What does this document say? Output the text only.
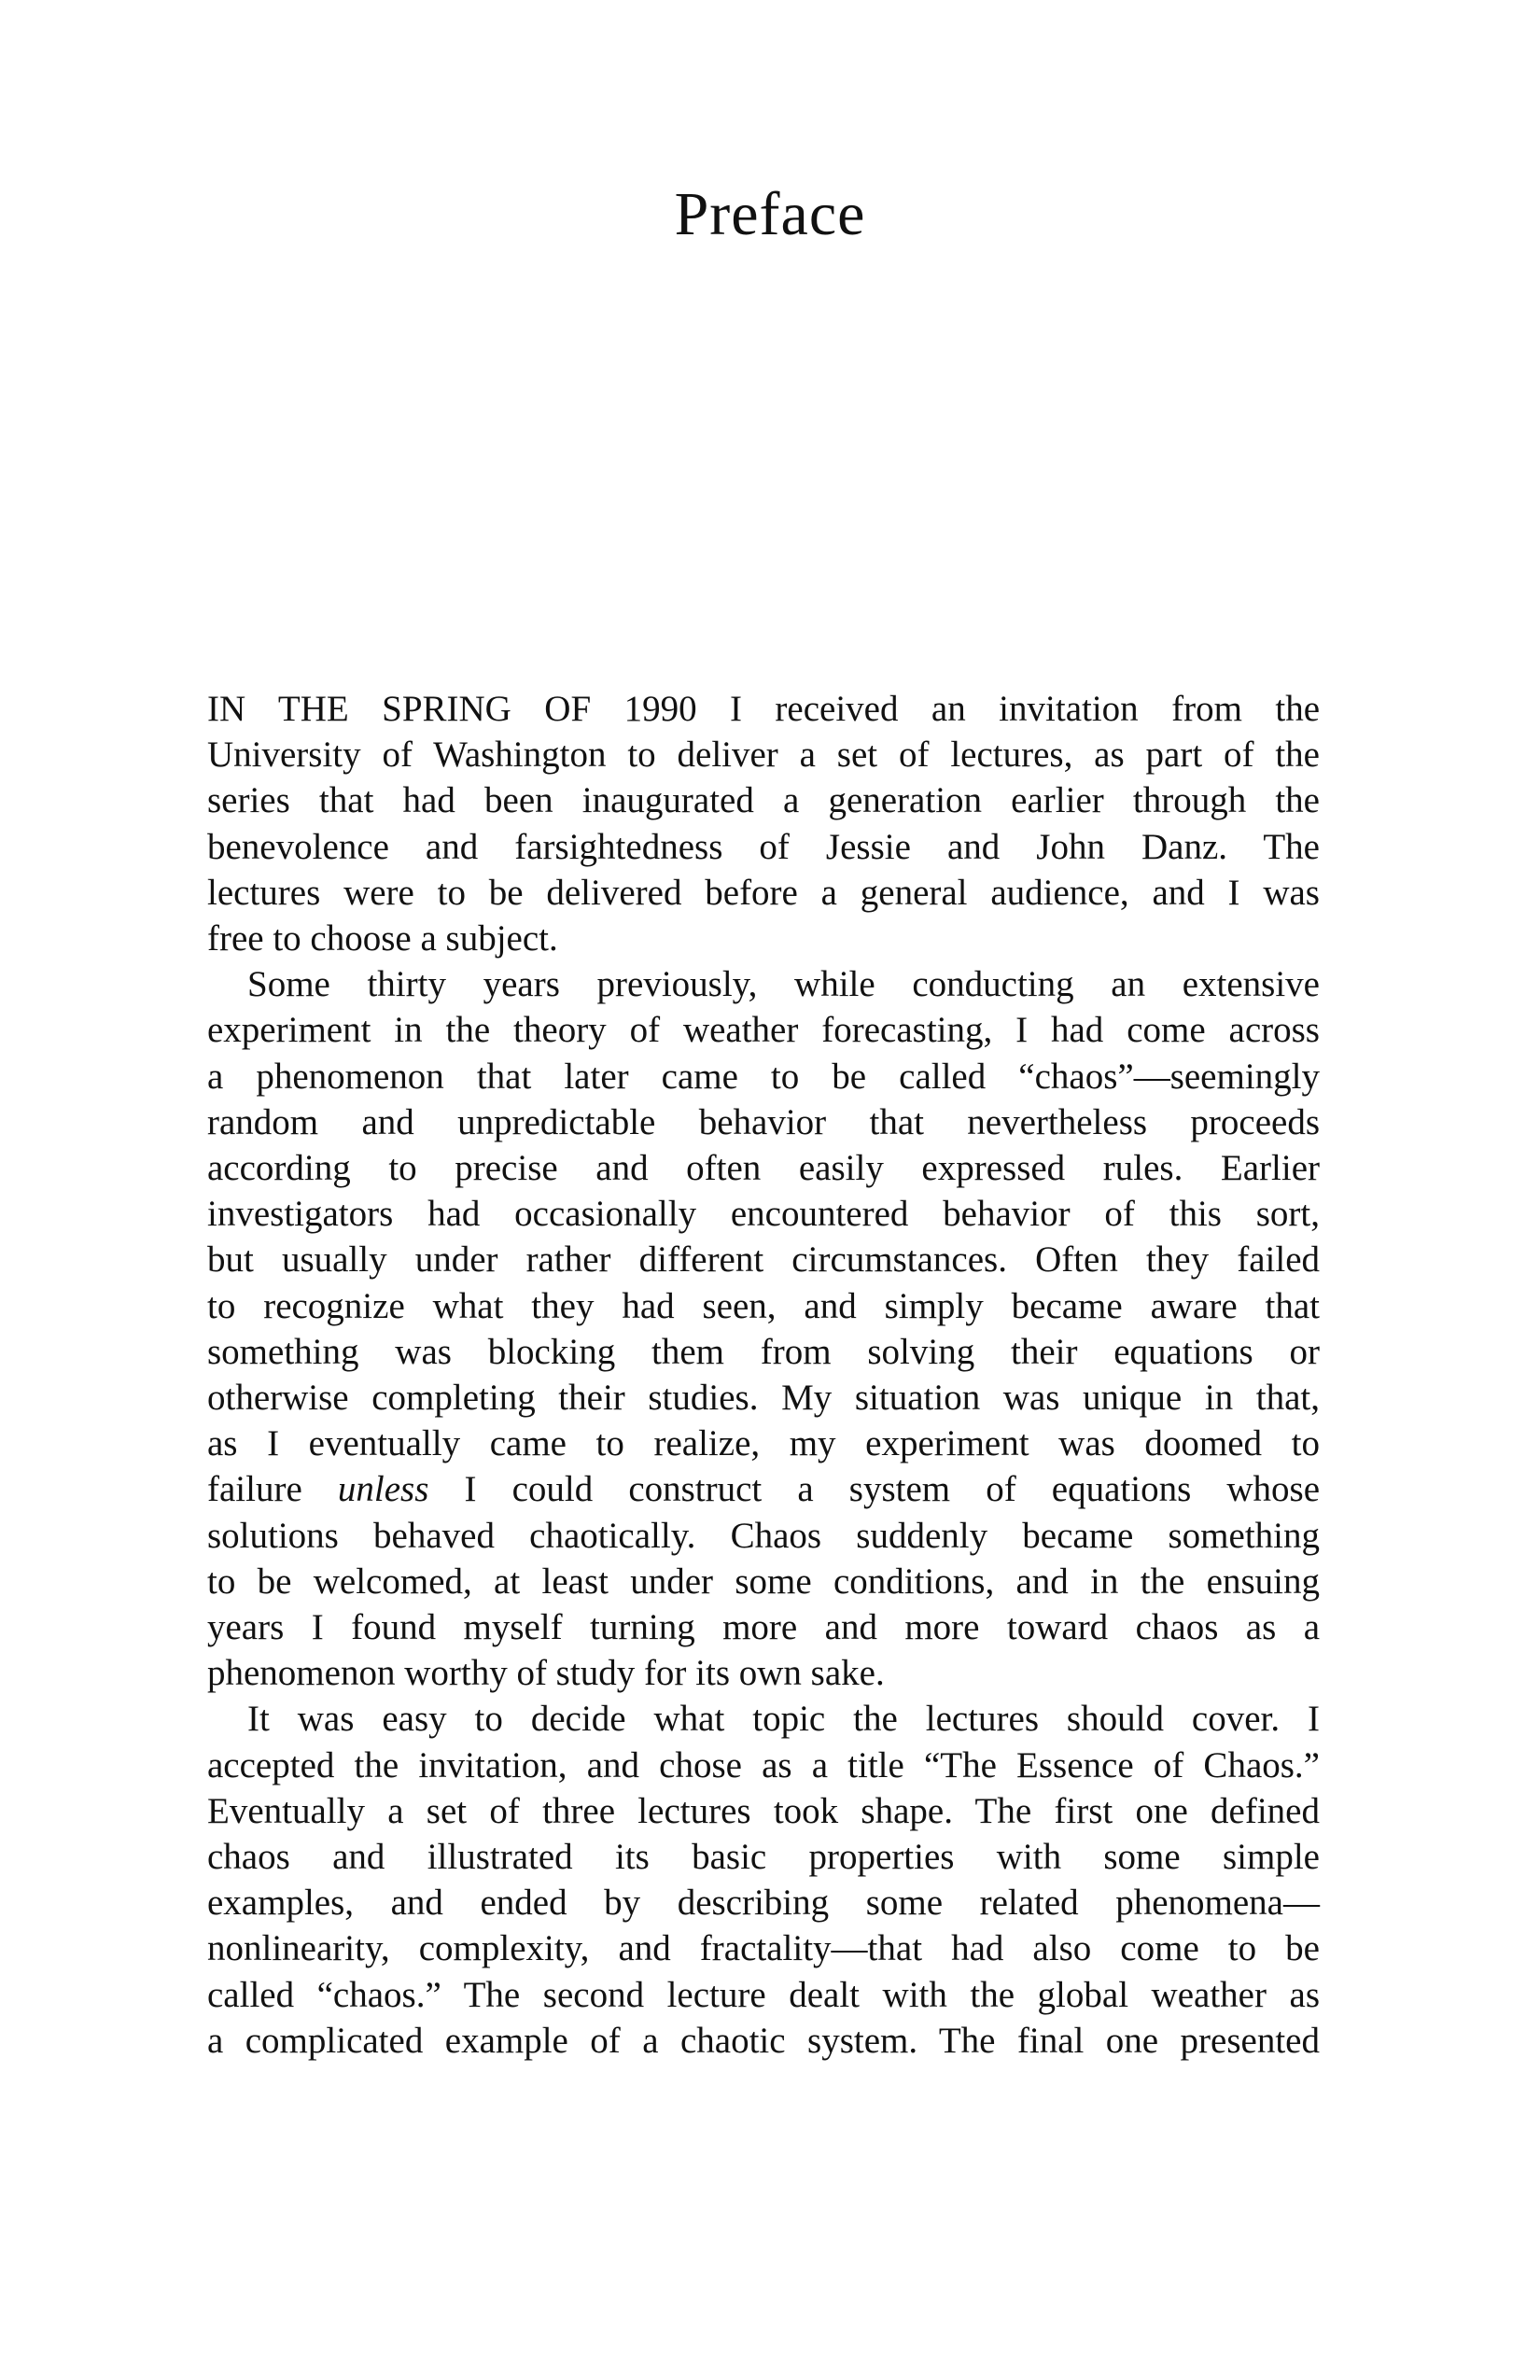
Preface

IN THE SPRING OF 1990 I received an invitation from the
University of Washington to deliver a set of lectures, as part of the
series that had been inaugurated a generation earlier through the
benevolence and farsightedness of Jessie and John Danz. The
lectures were to be delivered before a general audience, and I was
free to choose a subject.

Some thirty years previously, while conducting an extensive
experiment in the theory of weather forecasting, I had come across
a phenomenon that later came to be called “chaos”—seemingly
random and unpredictable behavior that nevertheless proceeds
according to precise and often easily expressed rules. Earlier
investigators had occasionally encountered behavior of this sort,
but usually under rather different circumstances. Often they failed
to recognize what they had seen, and simply became aware that
something was blocking them from solving their equations or
otherwise completing their studies. My situation was unique in that,
as I eventually came to realize, my experiment was doomed to
failure unless I could construct a system of equations whose
solutions behaved chaotically. Chaos suddenly became something
to be welcomed, at least under some conditions, and in the ensuing
years I found myself turning more and more toward chaos as a
phenomenon worthy of study for its own sake.

It was easy to decide what topic the lectures should cover. I
accepted the invitation, and chose as a title “The Essence of Chaos.”
Eventually a set of three lectures took shape. The first one defined
chaos and illustrated its basic properties with some simple
examples, and ended by describing some related phenomena—
nonlinearity, complexity, and fractality—that had also come to be
called “chaos.” The second lecture dealt with the global weather as
a complicated example of a chaotic system. The final one presented
